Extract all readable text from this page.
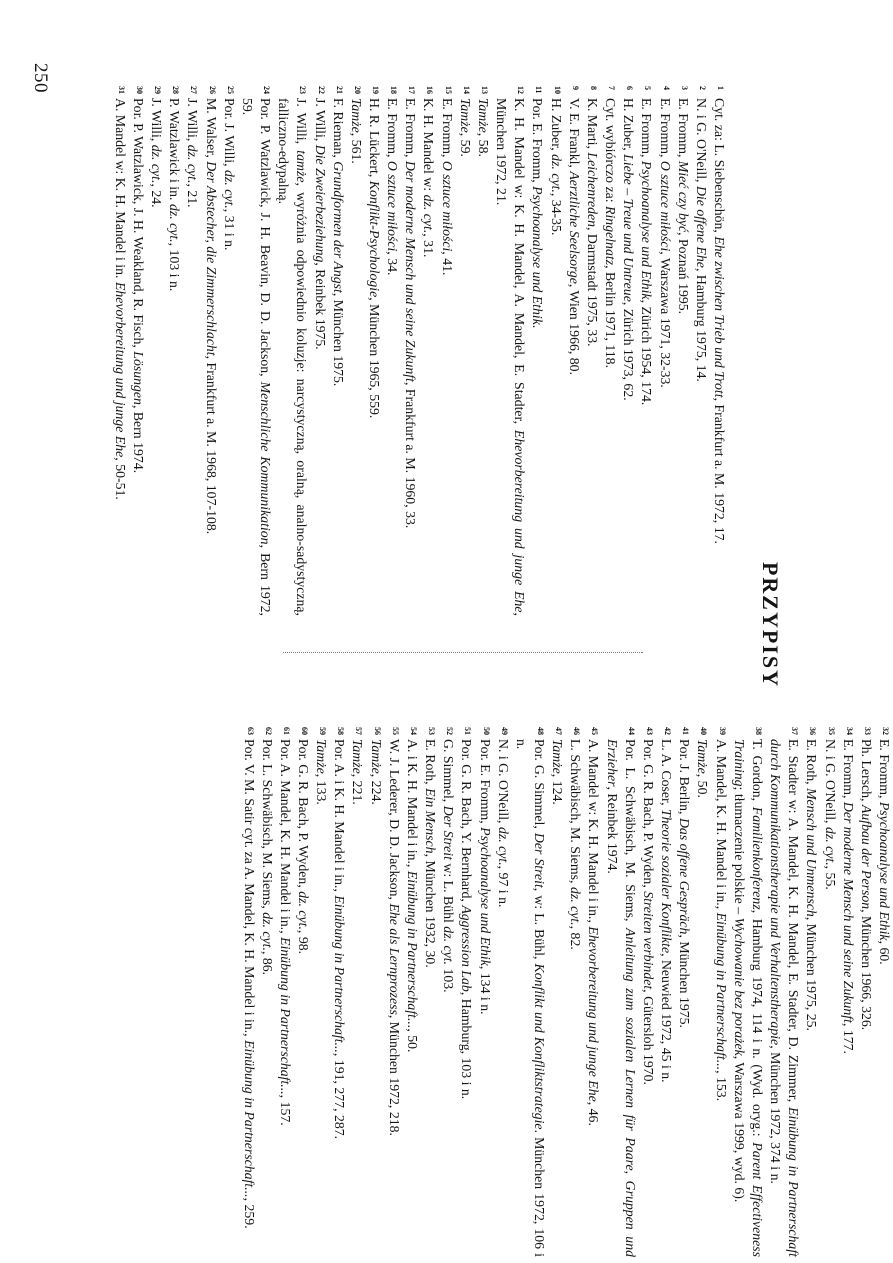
250
PRZYPISY
1
Cyt. za: L. Siebenschön, Ehe zwischen Trieb und Trott, Frankfurt a. M. 1972, 17.
2
N. i G. O'Neill, Die offene Ehe, Hamburg 1975, 14.
3
E. Fromm, Mieć czy być, Poznań 1995.
4
E. Fromm, O sztuce miłości, Warszawa 1971, 32-33.
5
E. Fromm, Psychoanalyse und Ethik, Zürich 1954, 174.
6
H. Zuber, Liebe – Treue und Untreue, Zürich 1973, 62.
7
Cyt. wybiórczo za: Ringelnatz, Berlin 1971, 118.
8
K. Marti, Leichenreden, Darmstadt 1975, 33.
9
V. E. Frankl, Aerztliche Seelsorge, Wien 1966, 80.
10
H. Zuber, dz. cyt., 34-35.
11
Por. E. Fromm, Psychoanalyse und Ethik.
12
K. H. Mandel w: K. H. Mandel, A. Mandel, E. Stadter, Ehevorbereitung und junge Ehe, München 1972, 21.
13
Tamże, 58.
14
Tamże, 59.
15
E. Fromm, O sztuce miłości, 41.
16
K. H. Mandel w: dz. cyt., 31.
17
E. Fromm, Der moderne Mensch und seine Zukunft, Frankfurt a. M. 1960, 33.
18
E. Fromm, O sztuce miłości, 34.
19
H. R. Lückert, Konflikt-Psychologie, München 1965, 559.
20
Tamże, 561.
21
F. Rieman, Grundformen der Angst, München 1975.
22
J. Willi, Die Zweierbeziehung, Reinbek 1975.
23
J. Willi, tamże, wyróżnia odpowiednio koluzje: narcystyczną, oralną, analno-sadystyczną, falliczno-edypalną.
24
Por. P. Watzlawick, J. H. Beavin, D. D. Jackson, Menschliche Kommunikation, Bern 1972, 59.
25
Por. J. Willi, dz. cyt., 31 i n.
26
M. Walser, Der Abstecher, die Zimmerschlacht, Frankfurt a. M. 1968, 107-108.
27
J. Willi, dz. cyt., 21.
28
P. Watzlawick i in. dz. cyt., 103 i n.
29
J. Willi, dz. cyt., 24.
30
Por. P. Watzlawick, J. H. Weakland, R. Fisch, Lösungen, Bern 1974.
31
A. Mandel w: K. H. Mandel i in. Ehevorbereitung und junge Ehe, 50-51.
32
E. Fromm, Psychoanalyse und Ethik, 60.
33
Ph. Lersch, Aufbau der Person, München 1966, 326.
34
E. Fromm, Der moderne Mensch und seine Zukunft, 177.
35
N. i G. O'Neill, dz. cyt., 55.
36
E. Roth, Mensch und Unmensch, München 1975, 25.
37
E. Stadter w: A. Mandel, K. H. Mandel, E. Stadter, D. Zimmer, Einübung in Partnerschaft durch Kommunikationstherapie und Verhaltenstherapie, München 1972, 374 i n.
38
T. Gordon, Familienkonferenz, Hamburg 1974, 114 i n. (Wyd. oryg.: Parent Effectiveness Training; tłumaczenie polskie – Wychowanie bez porażek, Warszawa 1999, wyd. 6).
39
A. Mandel, K. H. Mandel i in., Einübung in Partnerschaft..., 153.
40
Tamże, 50.
41
Por. J. Berlin, Das offene Gespräch, München 1975.
42
L. A. Coser, Theorie sozialer Konflikte, Neuwied 1972, 45 i n.
43
Por. G. R. Bach, P. Wyden, Streiten verbindet, Gütersloh 1970.
44
Por. L. Schwäbisch, M. Siems, Anleitung zum sozialen Lernen für Paare, Gruppen und Erzieher, Reinbek 1974.
45
A. Mandel w: K. H. Mandel i in., Ehevorbereitung und junge Ehe, 46.
46
L. Schwäbisch, M. Siems, dz. cyt., 82.
47
Tamże, 124.
48
Por. G. Simmel, Der Streit, w: L. Bühl, Konflikt und Konfliktstrategie. München 1972, 106 i n.
49
N. i G. O'Neill, dz. cyt., 97 i n.
50
Por. E. Fromm, Psychoanalyse und Ethik, 134 i n.
51
Por. G. R. Bach, Y. Bernhard, Aggression Lab, Hamburg, 103 i n.
52
G. Simmel, Der Streit w: L. Bühl dz. cyt. 103.
53
E. Roth, Ein Mensch, München 1932, 30.
54
A. i K. H. Mandel i in., Einübung in Partnerschaft..., 50.
55
W. J. Lederer, D. D. Jackson, Ehe als Lernprozess, München 1972, 218.
56
Tamże, 224.
57
Tamże, 221.
58
Por. A. i K. H. Mandel i in., Einübung in Partnerschaft..., 191, 277, 287.
59
Tamże, 133.
60
Por. G. R. Bach, P. Wyden, dz. cyt., 98.
61
Por. A. Mandel, K. H. Mandel i in., Einübung in Partnerschaft..., 157.
62
Por. L. Schwäbisch, M. Siems, dz. cyt., 86.
63
Por. V. M. Satir cyt. za A. Mandel, K. H. Mandel i in., Einübung in Partnerschaft..., 259.
